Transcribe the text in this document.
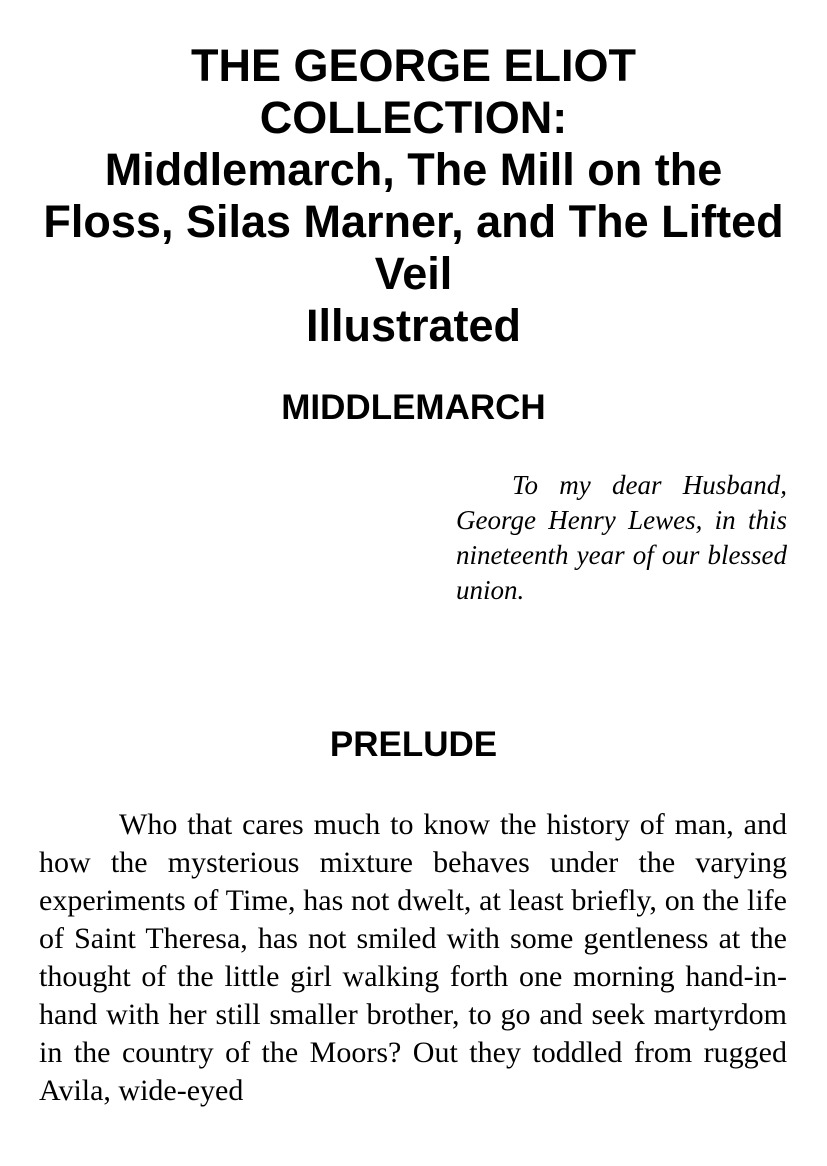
THE GEORGE ELIOT
COLLECTION:
Middlemarch, The Mill on the
Floss, Silas Marner, and The Lifted
Veil
Illustrated
MIDDLEMARCH
To my dear Husband, George Henry Lewes, in this nineteenth year of our blessed union.
PRELUDE
Who that cares much to know the history of man, and how the mysterious mixture behaves under the varying experiments of Time, has not dwelt, at least briefly, on the life of Saint Theresa, has not smiled with some gentleness at the thought of the little girl walking forth one morning hand-in-hand with her still smaller brother, to go and seek martyrdom in the country of the Moors? Out they toddled from rugged Avila, wide-eyed
